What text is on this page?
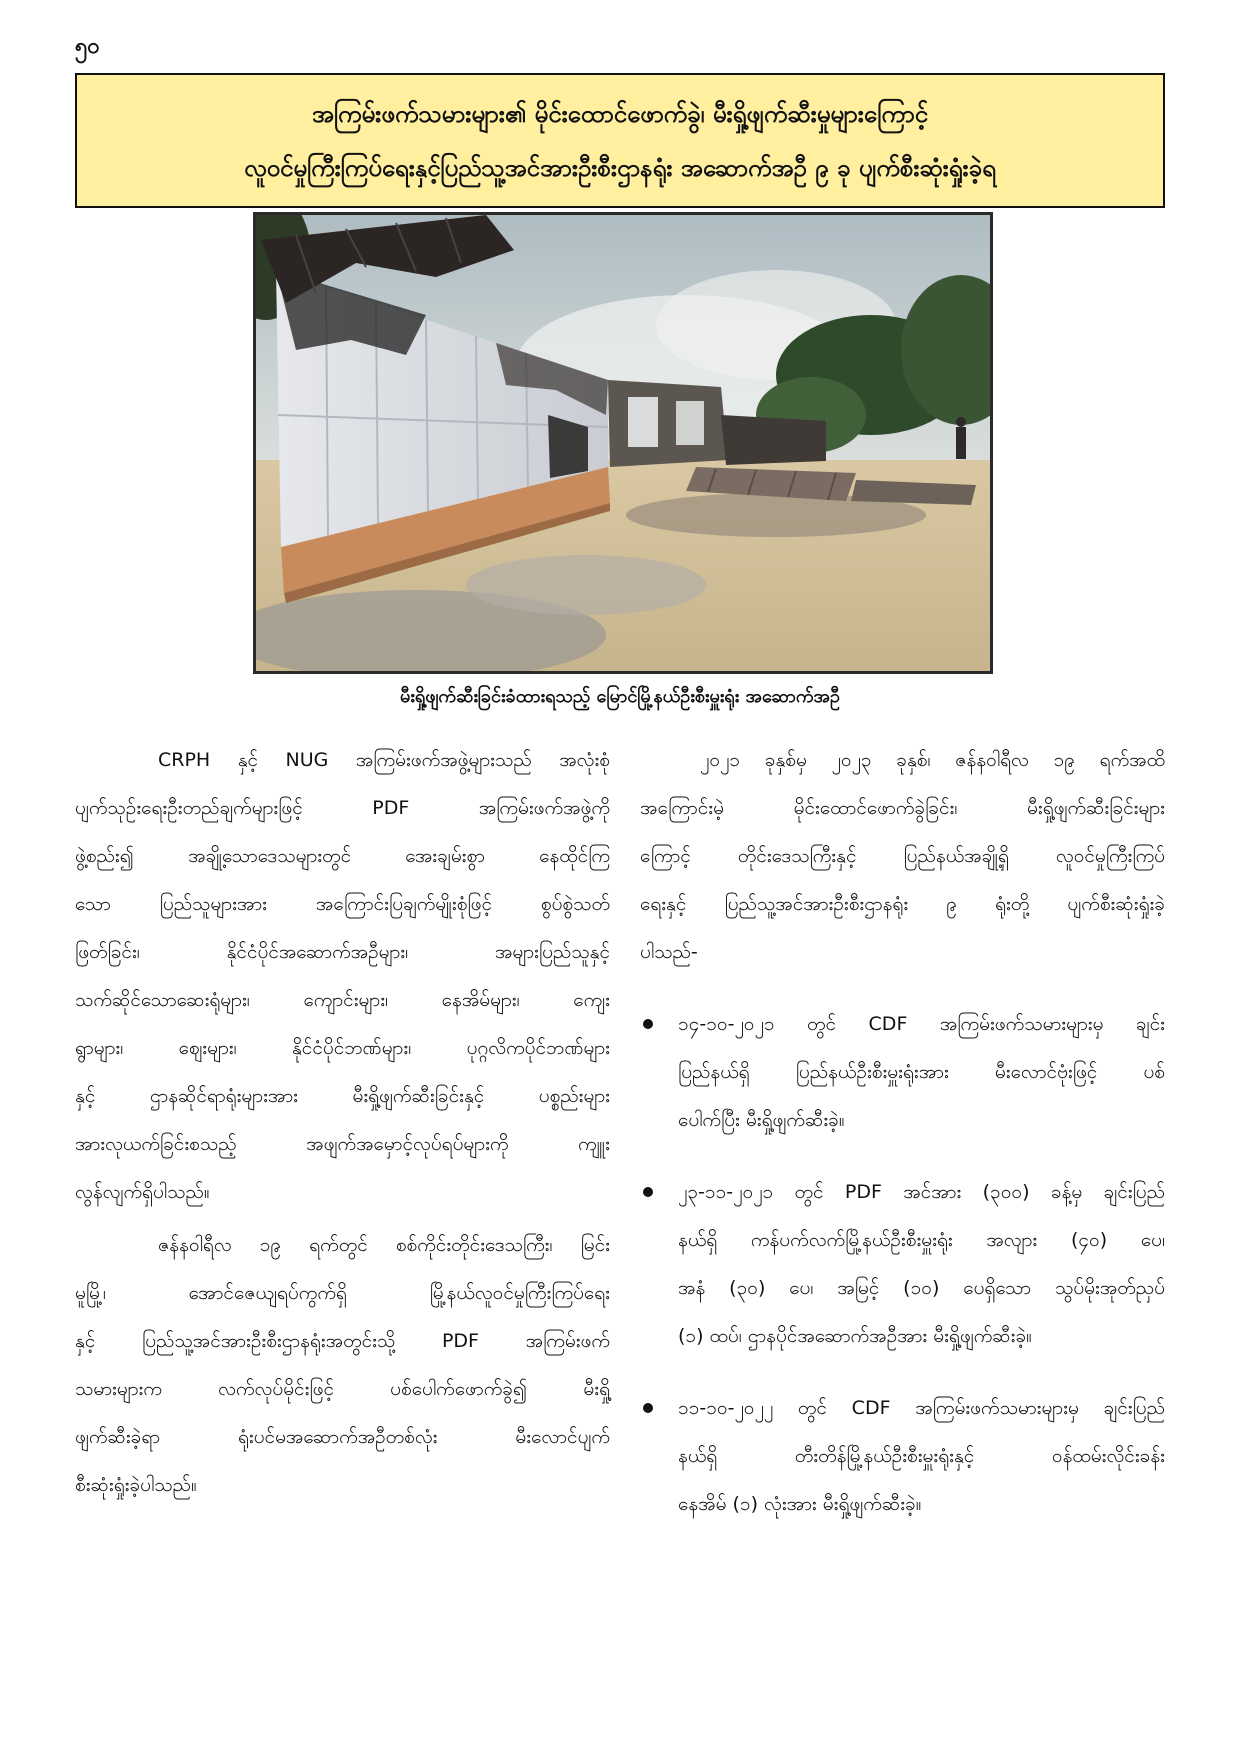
၅၀
အကြမ်းဖက်သမားများ၏ မိုင်းထောင်ဖောက်ခွဲ၊ မီးရှို့ဖျက်ဆီးမှုများကြောင့်
လူဝင်မှုကြီးကြပ်ရေးနှင့်ပြည်သူ့အင်အားဦးစီးဌာနရုံး အဆောက်အဦ ၉ ခု ပျက်စီးဆုံးရှုံးခဲ့ရ
မီးရှို့ဖျက်ဆီးခြင်းခံထားရသည့် မြောင်မြို့နယ်ဦးစီးမှူးရုံး အဆောက်အဦ
CRPH နှင့် NUG အကြမ်းဖက်အဖွဲ့များသည် အလုံးစုံ
ပျက်သုဉ်းရေးဦးတည်ချက်များဖြင့် PDF အကြမ်းဖက်အဖွဲ့ကို
ဖွဲ့စည်း၍ အချို့သောဒေသများတွင် အေးချမ်းစွာ နေထိုင်ကြ
သော ပြည်သူများအား အကြောင်းပြချက်မျိုးစုံဖြင့် စွပ်စွဲသတ်
ဖြတ်ခြင်း၊ နိုင်ငံပိုင်အဆောက်အဦများ၊ အများပြည်သူနှင့်
သက်ဆိုင်သောဆေးရုံများ၊ ကျောင်းများ၊ နေအိမ်များ၊ ကျေး
ရွာများ၊ ဈေးများ၊ နိုင်ငံပိုင်ဘဏ်များ၊ ပုဂ္ဂလိကပိုင်ဘဏ်များ
နှင့် ဌာနဆိုင်ရာရုံးများအား မီးရှို့ဖျက်ဆီးခြင်းနှင့် ပစ္စည်းများ
အားလုယက်ခြင်းစသည့် အဖျက်အမှောင့်လုပ်ရပ်များကို ကျူး
လွန်လျက်ရှိပါသည်။
ဇန်နဝါရီလ ၁၉ ရက်တွင် စစ်ကိုင်းတိုင်းဒေသကြီး၊ မြင်း
မူမြို့၊ အောင်ဇေယျရပ်ကွက်ရှိ မြို့နယ်လူဝင်မှုကြီးကြပ်ရေး
နှင့် ပြည်သူ့အင်အားဦးစီးဌာနရုံးအတွင်းသို့ PDF အကြမ်းဖက်
သမားများက လက်လုပ်မိုင်းဖြင့် ပစ်ပေါက်ဖောက်ခွဲ၍ မီးရှို့
ဖျက်ဆီးခဲ့ရာ ရုံးပင်မအဆောက်အဦတစ်လုံး မီးလောင်ပျက်
စီးဆုံးရှုံးခဲ့ပါသည်။
၂၀၂၁ ခုနှစ်မှ ၂၀၂၃ ခုနှစ်၊ ဇန်နဝါရီလ ၁၉ ရက်အထိ
အကြောင်းမဲ့ မိုင်းထောင်ဖောက်ခွဲခြင်း၊ မီးရှို့ဖျက်ဆီးခြင်းများ
ကြောင့် တိုင်းဒေသကြီးနှင့် ပြည်နယ်အချို့ရှိ လူဝင်မှုကြီးကြပ်
ရေးနှင့် ပြည်သူ့အင်အားဦးစီးဌာနရုံး ၉ ရုံးတို့ ပျက်စီးဆုံးရှုံးခဲ့
ပါသည်-
၁၄-၁၀-၂၀၂၁ တွင် CDF အကြမ်းဖက်သမားများမှ ချင်း
ပြည်နယ်ရှိ ပြည်နယ်ဦးစီးမှူးရုံးအား မီးလောင်ဗုံးဖြင့် ပစ်
ပေါက်ပြီး မီးရှို့ဖျက်ဆီးခဲ့။
၂၃-၁၁-၂၀၂၁ တွင် PDF အင်အား (၃၀၀) ခန့်မှ ချင်းပြည်
နယ်ရှိ ကန်ပက်လက်မြို့နယ်ဦးစီးမှူးရုံး အလျား (၄၀) ပေ၊
အနံ (၃၀) ပေ၊ အမြင့် (၁၀) ပေရှိသော သွပ်မိုးအုတ်ညှပ်
(၁) ထပ်၊ ဌာနပိုင်အဆောက်အဦအား မီးရှို့ဖျက်ဆီးခဲ့။
၁၁-၁၀-၂၀၂၂ တွင် CDF အကြမ်းဖက်သမားများမှ ချင်းပြည်
နယ်ရှိ တီးတိန်မြို့နယ်ဦးစီးမှူးရုံးနှင့် ဝန်ထမ်းလိုင်းခန်း
နေအိမ် (၁) လုံးအား မီးရှို့ဖျက်ဆီးခဲ့။
